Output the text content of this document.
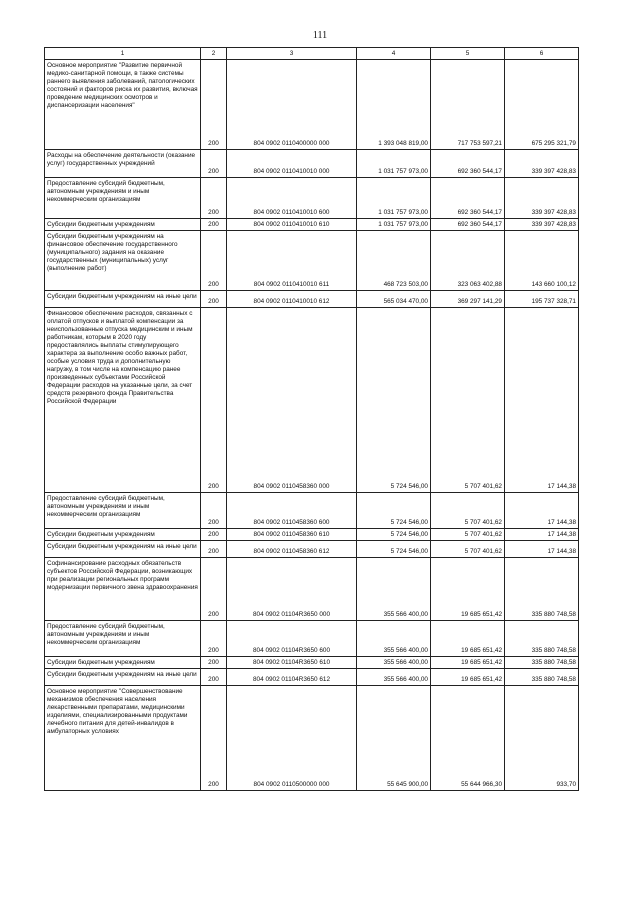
111
1	2	3	4	5	6

Основное мероприятие "Развитие первичной медико-санитарной помощи, в также системы раннего выявления заболеваний, патологических состояний и факторов риска их развития, включая проведение медицинских осмотров и диспансеризации населения"	200	804 0902 0110400000 000	1 393 048 819,00	717 753 597,21	675 295 321,79

Расходы на обеспечение деятельности (оказание услуг) государственных учреждений	200	804 0902 0110410010 000	1 031 757 973,00	692 360 544,17	339 397 428,83

Предоставление субсидий бюджетным, автономным учреждениям и иным некоммерческим организациям	200	804 0902 0110410010 600	1 031 757 973,00	692 360 544,17	339 397 428,83

Субсидии бюджетным учреждениям	200	804 0902 0110410010 610	1 031 757 973,00	692 360 544,17	339 397 428,83

Субсидии бюджетным учреждениям на финансовое обеспечение государственного (муниципального) задания на оказание государственных (муниципальных) услуг (выполнение работ)	200	804 0902 0110410010 611	468 723 503,00	323 063 402,88	143 660 100,12

Субсидии бюджетным учреждениям на иные цели	200	804 0902 0110410010 612	565 034 470,00	369 297 141,29	195 737 328,71

Финансовое обеспечение расходов, связанных с оплатой отпусков и выплатой компенсации за неиспользованные отпуска медицинским и иным работникам, которым в 2020 году предоставлялись выплаты стимулирующего характера за выполнение особо важных работ, особые условия труда и дополнительную нагрузку, в том числе на компенсацию ранее произведенных субъектами Российской Федерации расходов на указанные цели, за счет средств резервного фонда Правительства Российской Федерации	200	804 0902 0110458360 000	5 724 546,00	5 707 401,62	17 144,38

Предоставление субсидий бюджетным, автономным учреждениям и иным некоммерческим организациям	200	804 0902 0110458360 600	5 724 546,00	5 707 401,62	17 144,38

Субсидии бюджетным учреждениям	200	804 0902 0110458360 610	5 724 546,00	5 707 401,62	17 144,38

Субсидии бюджетным учреждениям на иные цели	200	804 0902 0110458360 612	5 724 546,00	5 707 401,62	17 144,38

Софинансирование расходных обязательств субъектов Российской Федерации, возникающих при реализации региональных программ модернизации первичного звена здравоохранения	200	804 0902 01104R3650 000	355 566 400,00	19 685 651,42	335 880 748,58

Предоставление субсидий бюджетным, автономным учреждениям и иным некоммерческим организациям	200	804 0902 01104R3650 600	355 566 400,00	19 685 651,42	335 880 748,58

Субсидии бюджетным учреждениям	200	804 0902 01104R3650 610	355 566 400,00	19 685 651,42	335 880 748,58

Субсидии бюджетным учреждениям на иные цели	200	804 0902 01104R3650 612	355 566 400,00	19 685 651,42	335 880 748,58

Основное мероприятие "Совершенствование механизмов обеспечения населения лекарственными препаратами, медицинскими изделиями, специализированными продуктами лечебного питания для детей-инвалидов в амбулаторных условиях	200	804 0902 0110500000 000	55 645 900,00	55 644 966,30	933,70
